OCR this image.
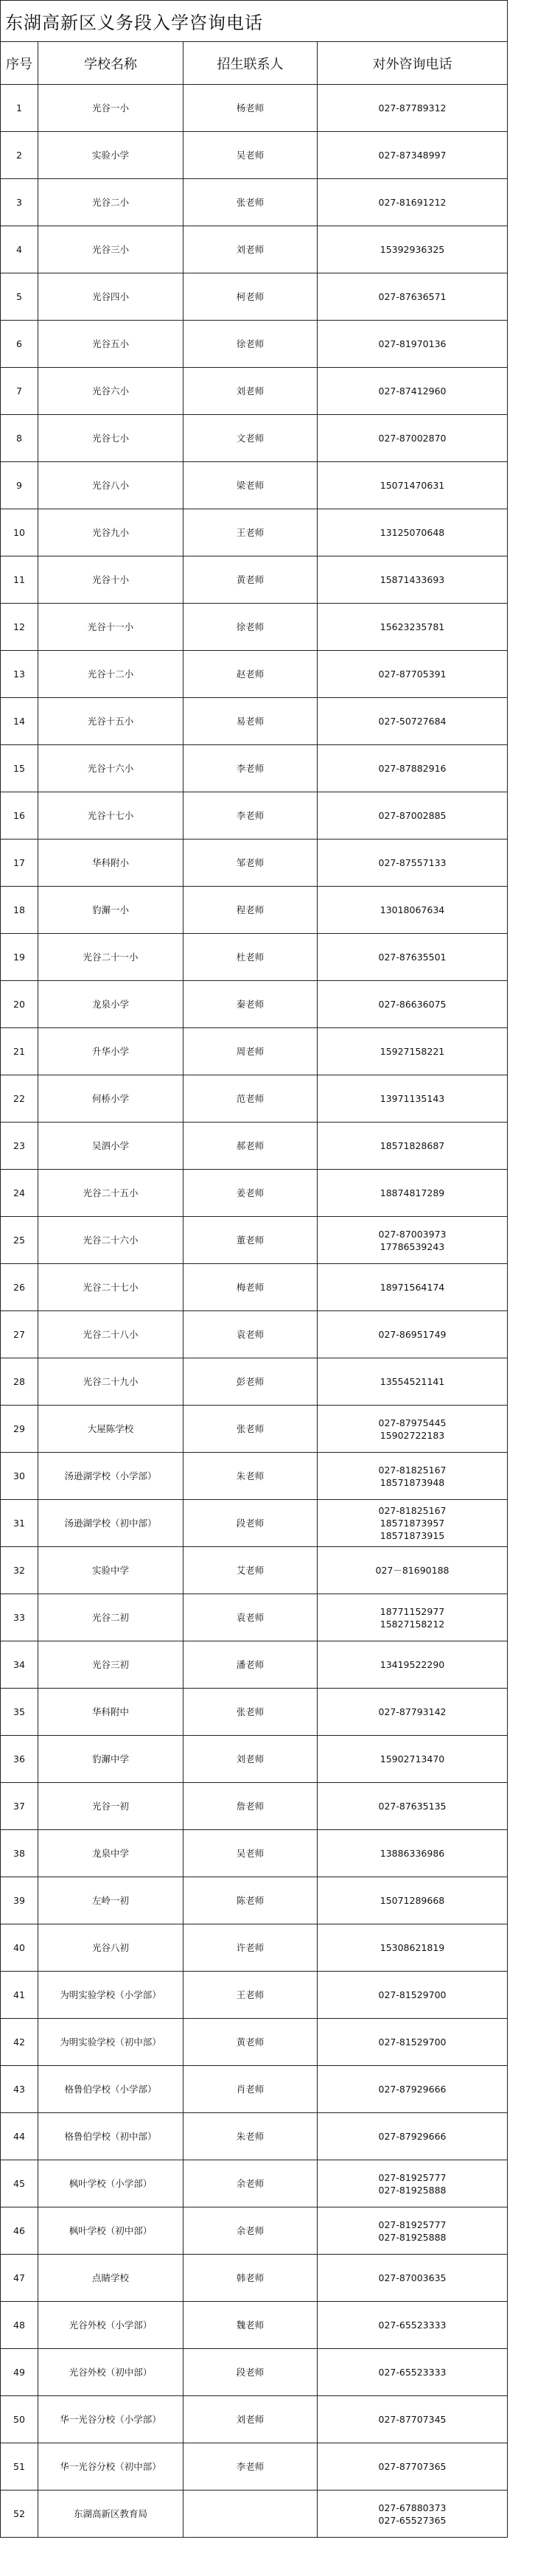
东湖高新区义务段入学咨询电话			
序号	学校名称	招生联系人	对外咨询电话
1	光谷一小	杨老师	027-87789312
2	实验小学	吴老师	027-87348997
3	光谷二小	张老师	027-81691212
4	光谷三小	刘老师	15392936325
5	光谷四小	柯老师	027-87636571
6	光谷五小	徐老师	027-81970136
7	光谷六小	刘老师	027-87412960
8	光谷七小	文老师	027-87002870
9	光谷八小	梁老师	15071470631
10	光谷九小	王老师	13125070648
11	光谷十小	黄老师	15871433693
12	光谷十一小	徐老师	15623235781
13	光谷十二小	赵老师	027-87705391
14	光谷十五小	易老师	027-50727684
15	光谷十六小	李老师	027-87882916
16	光谷十七小	李老师	027-87002885
17	华科附小	邹老师	027-87557133
18	豹澥一小	程老师	13018067634
19	光谷二十一小	杜老师	027-87635501
20	龙泉小学	秦老师	027-86636075
21	升华小学	周老师	15927158221
22	何桥小学	范老师	13971135143
23	吴泗小学	郝老师	18571828687
24	光谷二十五小	姜老师	18874817289
25	光谷二十六小	董老师	027-87003973
17786539243
26	光谷二十七小	梅老师	18971564174
27	光谷二十八小	袁老师	027-86951749
28	光谷二十九小	彭老师	13554521141
29	大屋陈学校	张老师	027-87975445
15902722183
30	汤逊湖学校（小学部）	朱老师	027-81825167
18571873948
31	汤逊湖学校（初中部）	段老师	027-81825167
18571873957
18571873915
32	实验中学	艾老师	027－81690188
33	光谷二初	袁老师	18771152977
15827158212
34	光谷三初	潘老师	13419522290
35	华科附中	张老师	027-87793142
36	豹澥中学	刘老师	15902713470
37	光谷一初	詹老师	027-87635135
38	龙泉中学	吴老师	13886336986
39	左岭一初	陈老师	15071289668
40	光谷八初	许老师	15308621819
41	为明实验学校（小学部）	王老师	027-81529700
42	为明实验学校（初中部）	黄老师	027-81529700
43	格鲁伯学校（小学部）	肖老师	027-87929666
44	格鲁伯学校（初中部）	朱老师	027-87929666
45	枫叶学校（小学部）	余老师	027-81925777
027-81925888
46	枫叶学校（初中部）	余老师	027-81925777
027-81925888
47	点睛学校	韩老师	027-87003635
48	光谷外校（小学部）	魏老师	027-65523333
49	光谷外校（初中部）	段老师	027-65523333
50	华一光谷分校（小学部）	刘老师	027-87707345
51	华一光谷分校（初中部）	李老师	027-87707365
52	东湖高新区教育局		027-67880373
027-65527365
